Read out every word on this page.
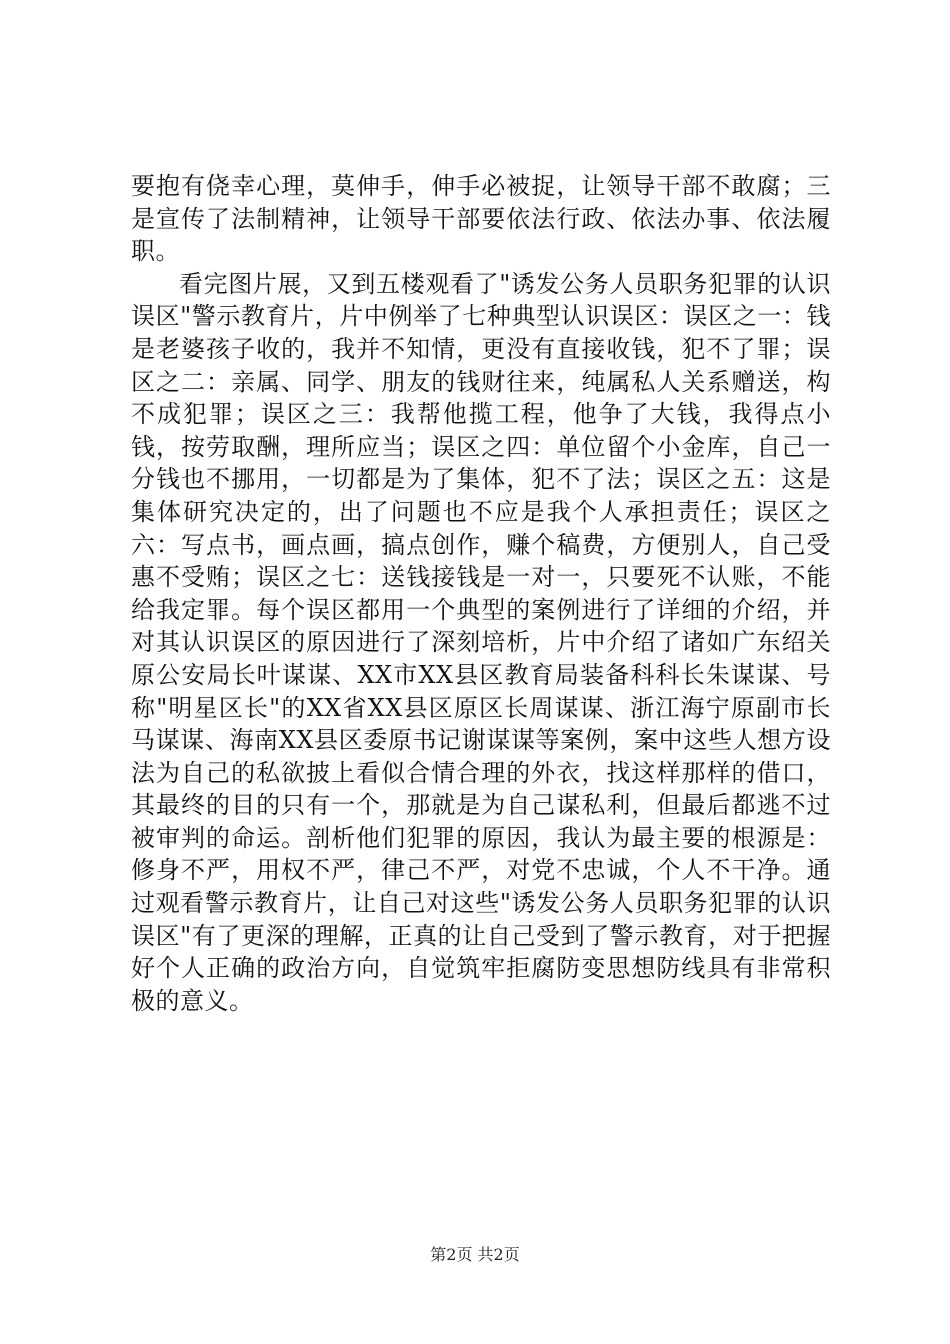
要抱有侥幸心理，莫伸手，伸手必被捉，让领导干部不敢腐；三是宣传了法制精神，让领导干部要依法行政、依法办事、依法履职。

看完图片展，又到五楼观看了"诱发公务人员职务犯罪的认识误区"警示教育片，片中例举了七种典型认识误区：误区之一：钱是老婆孩子收的，我并不知情，更没有直接收钱，犯不了罪；误区之二：亲属、同学、朋友的钱财往来，纯属私人关系赠送，构不成犯罪；误区之三：我帮他揽工程，他争了大钱，我得点小钱，按劳取酬，理所应当；误区之四：单位留个小金库，自己一分钱也不挪用，一切都是为了集体，犯不了法；误区之五：这是集体研究决定的，出了问题也不应是我个人承担责任；误区之六：写点书，画点画，搞点创作，赚个稿费，方便别人，自己受惠不受贿；误区之七：送钱接钱是一对一，只要死不认账，不能给我定罪。每个误区都用一个典型的案例进行了详细的介绍，并对其认识误区的原因进行了深刻培析，片中介绍了诸如广东绍关原公安局长叶谋谋、XX市XX县区教育局装备科科长朱谋谋、号称"明星区长"的XX省XX县区原区长周谋谋、浙江海宁原副市长马谋谋、海南XX县区委原书记谢谋谋等案例，案中这些人想方设法为自己的私欲披上看似合情合理的外衣，找这样那样的借口，其最终的目的只有一个，那就是为自己谋私利，但最后都逃不过被审判的命运。剖析他们犯罪的原因，我认为最主要的根源是：修身不严，用权不严，律己不严，对党不忠诚，个人不干净。通过观看警示教育片，让自己对这些"诱发公务人员职务犯罪的认识误区"有了更深的理解，正真的让自己受到了警示教育，对于把握好个人正确的政治方向，自觉筑牢拒腐防变思想防线具有非常积极的意义。

第2页 共2页
